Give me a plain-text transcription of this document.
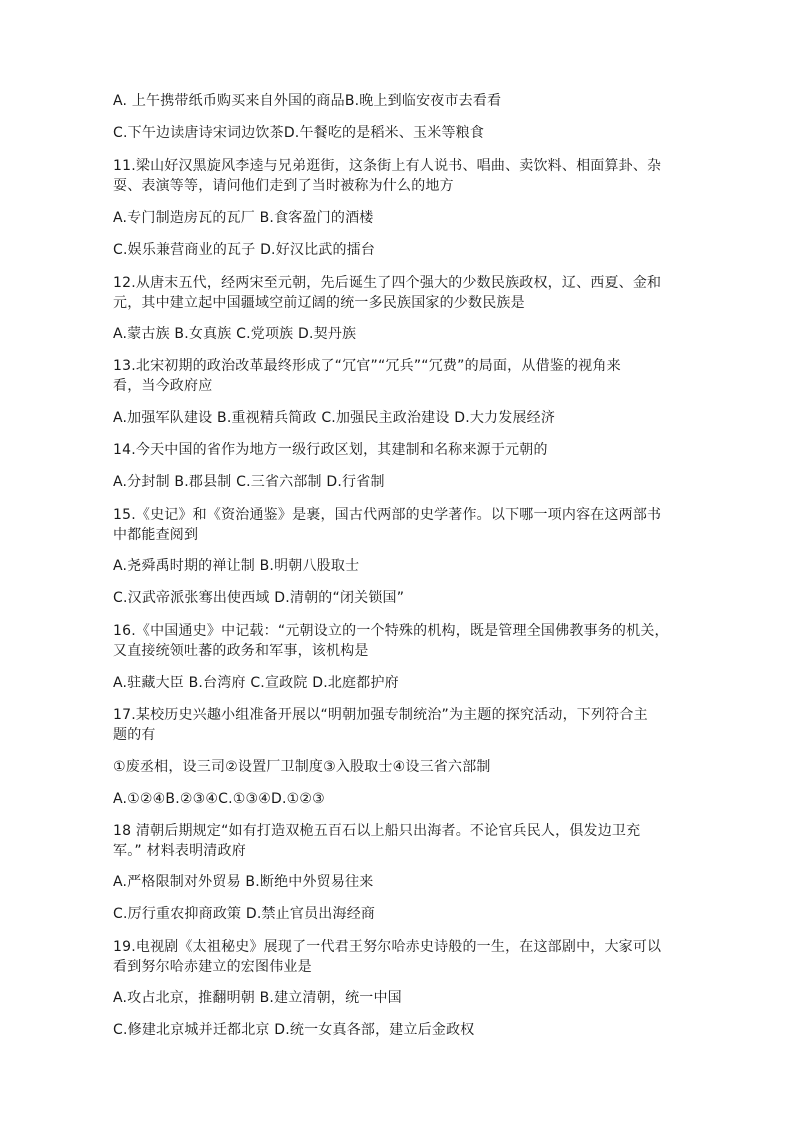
A. 上午携带纸币购买来自外国的商品B.晚上到临安夜市去看看
C.下午边读唐诗宋词边饮茶D.午餐吃的是稻米、玉米等粮食
11.梁山好汉黑旋风李逵与兄弟逛街，这条街上有人说书、唱曲、卖饮料、相面算卦、杂
耍、表演等等，请问他们走到了当时被称为什么的地方
A.专门制造房瓦的瓦厂 B.食客盈门的酒楼
C.娱乐兼营商业的瓦子 D.好汉比武的擂台
12.从唐末五代，经两宋至元朝，先后诞生了四个强大的少数民族政权，辽、西夏、金和
元，其中建立起中国疆域空前辽阔的统一多民族国家的少数民族是
A.蒙古族 B.女真族 C.党项族 D.契丹族
13.北宋初期的政治改革最终形成了“冗官”“冗兵”“冗费”的局面，从借鉴的视角来
看，当今政府应
A.加强军队建设 B.重视精兵简政 C.加强民主政治建设 D.大力发展经济
14.今天中国的省作为地方一级行政区划，其建制和名称来源于元朝的
A.分封制 B.郡县制 C.三省六部制 D.行省制
15.《史记》和《资治通鉴》是裹，国古代两部的史学著作。以下哪一项内容在这两部书
中都能查阅到
A.尧舜禹时期的禅让制 B.明朝八股取士
C.汉武帝派张骞出使西域 D.清朝的“闭关锁国”
16.《中国通史》中记载：“元朝设立的一个特殊的机构，既是管理全国佛教事务的机关，
又直接统领吐蕃的政务和军事，该机构是
A.驻藏大臣 B.台湾府 C.宣政院 D.北庭都护府
17.某校历史兴趣小组准备开展以“明朝加强专制统治”为主题的探究活动，下列符合主
题的有
①废丞相，设三司②设置厂卫制度③入股取士④设三省六部制
A.①②④B.②③④C.①③④D.①②③
18 清朝后期规定“如有打造双桅五百石以上船只出海者。不论官兵民人，俱发边卫充
军。” 材料表明清政府
A.严格限制对外贸易 B.断绝中外贸易往来
C.厉行重农抑商政策 D.禁止官员出海经商
19.电视剧《太祖秘史》展现了一代君王努尔哈赤史诗般的一生，在这部剧中，大家可以
看到努尔哈赤建立的宏图伟业是
A.攻占北京，推翻明朝 B.建立清朝，统一中国
C.修建北京城并迁都北京 D.统一女真各部，建立后金政权
